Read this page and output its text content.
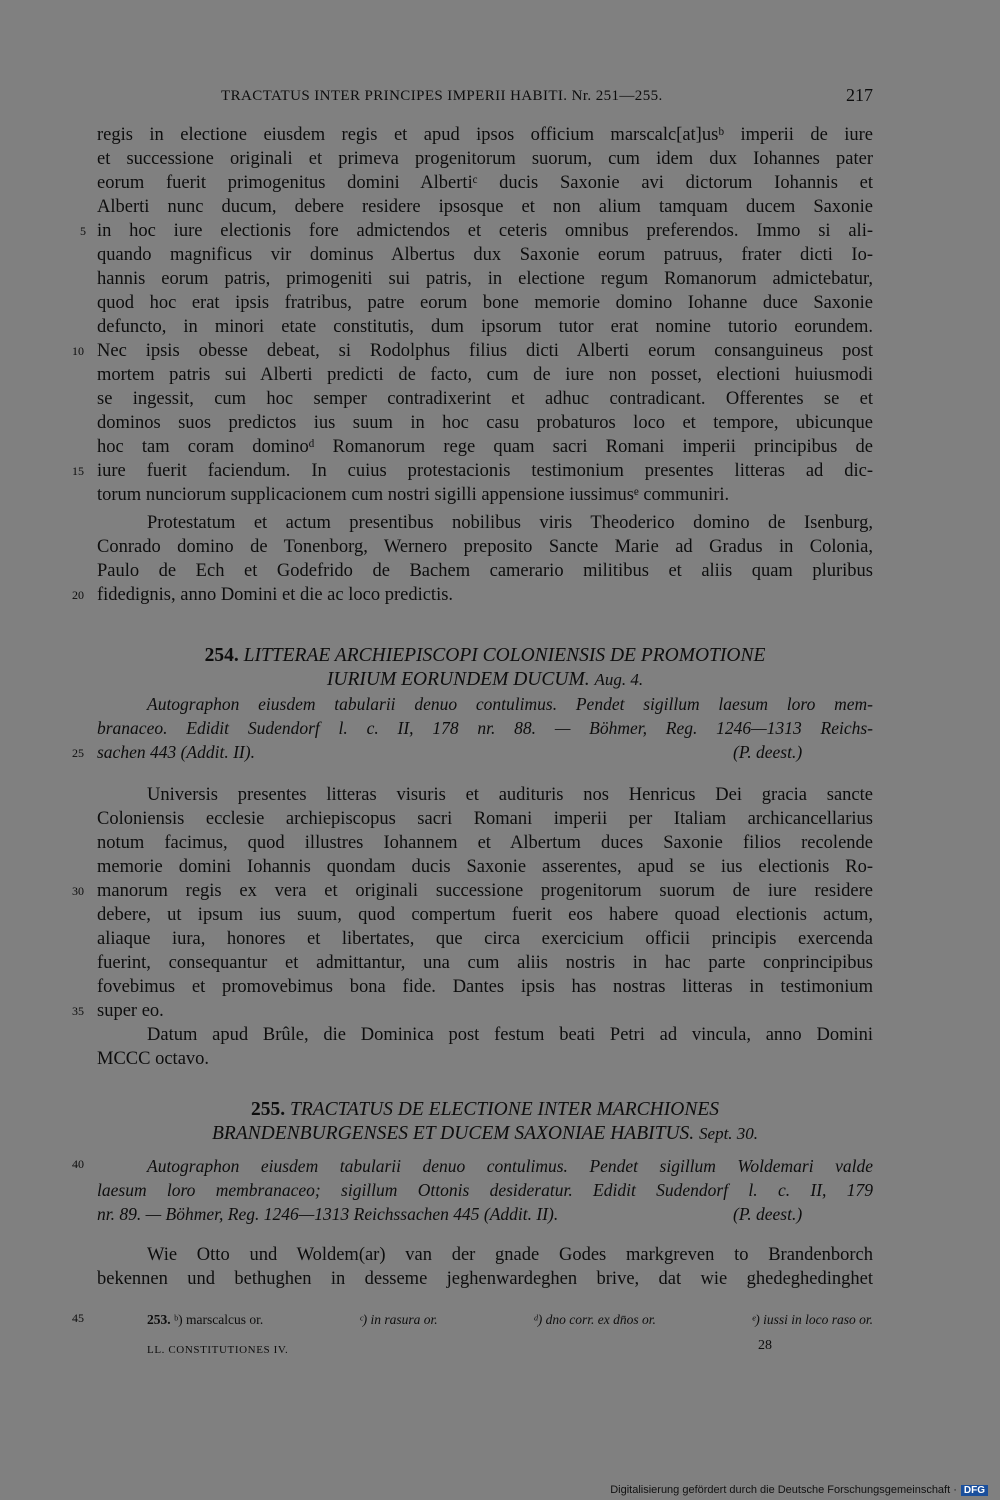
TRACTATUS INTER PRINCIPES IMPERII HABITI. Nr. 251—255.	217
regis in electione eiusdem regis et apud ipsos officium marscalc[at]usᵇ imperii de iure
et successione originali et primeva progenitorum suorum, cum idem dux Iohannes pater
eorum fuerit primogenitus domini Albertiᶜ ducis Saxonie avi dictorum Iohannis et
Alberti nunc ducum, debere residere ipsosque et non alium tamquam ducem Saxonie
in hoc iure electionis fore admictendos et ceteris omnibus preferendos. Immo si ali-
quando magnificus vir dominus Albertus dux Saxonie eorum patruus, frater dicti Io-
hannis eorum patris, primogeniti sui patris, in electione regum Romanorum admictebatur,
quod hoc erat ipsis fratribus, patre eorum bone memorie domino Iohanne duce Saxonie
defuncto, in minori etate constitutis, dum ipsorum tutor erat nomine tutorio eorundem.
Nec ipsis obesse debeat, si Rodolphus filius dicti Alberti eorum consanguineus post
mortem patris sui Alberti predicti de facto, cum de iure non posset, electioni huiusmodi
se ingessit, cum hoc semper contradixerint et adhuc contradicant. Offerentes se et
dominos suos predictos ius suum in hoc casu probaturos loco et tempore, ubicunque
hoc tam coram dominoᵈ Romanorum rege quam sacri Romani imperii principibus de
iure fuerit faciendum. In cuius protestacionis testimonium presentes litteras ad dic-
torum nunciorum supplicacionem cum nostri sigilli appensione iussimusᵉ communiri.
Protestatum et actum presentibus nobilibus viris Theoderico domino de Isenburg,
Conrado domino de Tonenborg, Wernero preposito Sancte Marie ad Gradus in Colonia,
Paulo de Ech et Godefrido de Bachem camerario militibus et aliis quam pluribus
fidedignis, anno Domini et die ac loco predictis.
254. LITTERAE ARCHIEPISCOPI COLONIENSIS DE PROMOTIONE
IURIUM EORUNDEM DUCUM. Aug. 4.
Autographon eiusdem tabularii denuo contulimus. Pendet sigillum laesum loro mem-
branaceo. Edidit Sudendorf l. c. II, 178 nr. 88. — Böhmer, Reg. 1246—1313 Reichs-
sachen 443 (Addit. II).	(P. deest.)
Universis presentes litteras visuris et audituris nos Henricus Dei gracia sancte
Coloniensis ecclesie archiepiscopus sacri Romani imperii per Italiam archicancellarius
notum facimus, quod illustres Iohannem et Albertum duces Saxonie filios recolende
memorie domini Iohannis quondam ducis Saxonie asserentes, apud se ius electionis Ro-
manorum regis ex vera et originali successione progenitorum suorum de iure residere
debere, ut ipsum ius suum, quod compertum fuerit eos habere quoad electionis actum,
aliaque iura, honores et libertates, que circa exercicium officii principis exercenda
fuerint, consequantur et admittantur, una cum aliis nostris in hac parte conprincipibus
fovebimus et promovebimus bona fide. Dantes ipsis has nostras litteras in testimonium
super eo.
Datum apud Brûle, die Dominica post festum beati Petri ad vincula, anno Domini
MCCC octavo.
255. TRACTATUS DE ELECTIONE INTER MARCHIONES
BRANDENBURGENSES ET DUCEM SAXONIAE HABITUS. Sept. 30.
Autographon eiusdem tabularii denuo contulimus. Pendet sigillum Woldemari valde
laesum loro membranaceo; sigillum Ottonis desideratur. Edidit Sudendorf l. c. II, 179
nr. 89. — Böhmer, Reg. 1246—1313 Reichssachen 445 (Addit. II).	(P. deest.)
Wie Otto und Woldem(ar) van der gnade Godes markgreven to Brandenborch
bekennen und bethughen in desseme jeghenwardeghen brive, dat wie ghedeghedinghet
5
10
15
20
25
30
35
40
45	253. ᵇ) marscalcus or.	ᶜ) in rasura or.	ᵈ) dno corr. ex dn̄os or.	ᵉ) iussi in loco raso or.
LL. CONSTITUTIONES IV.	28
Digitalisierung gefördert durch die Deutsche Forschungsgemeinschaft · DFG
